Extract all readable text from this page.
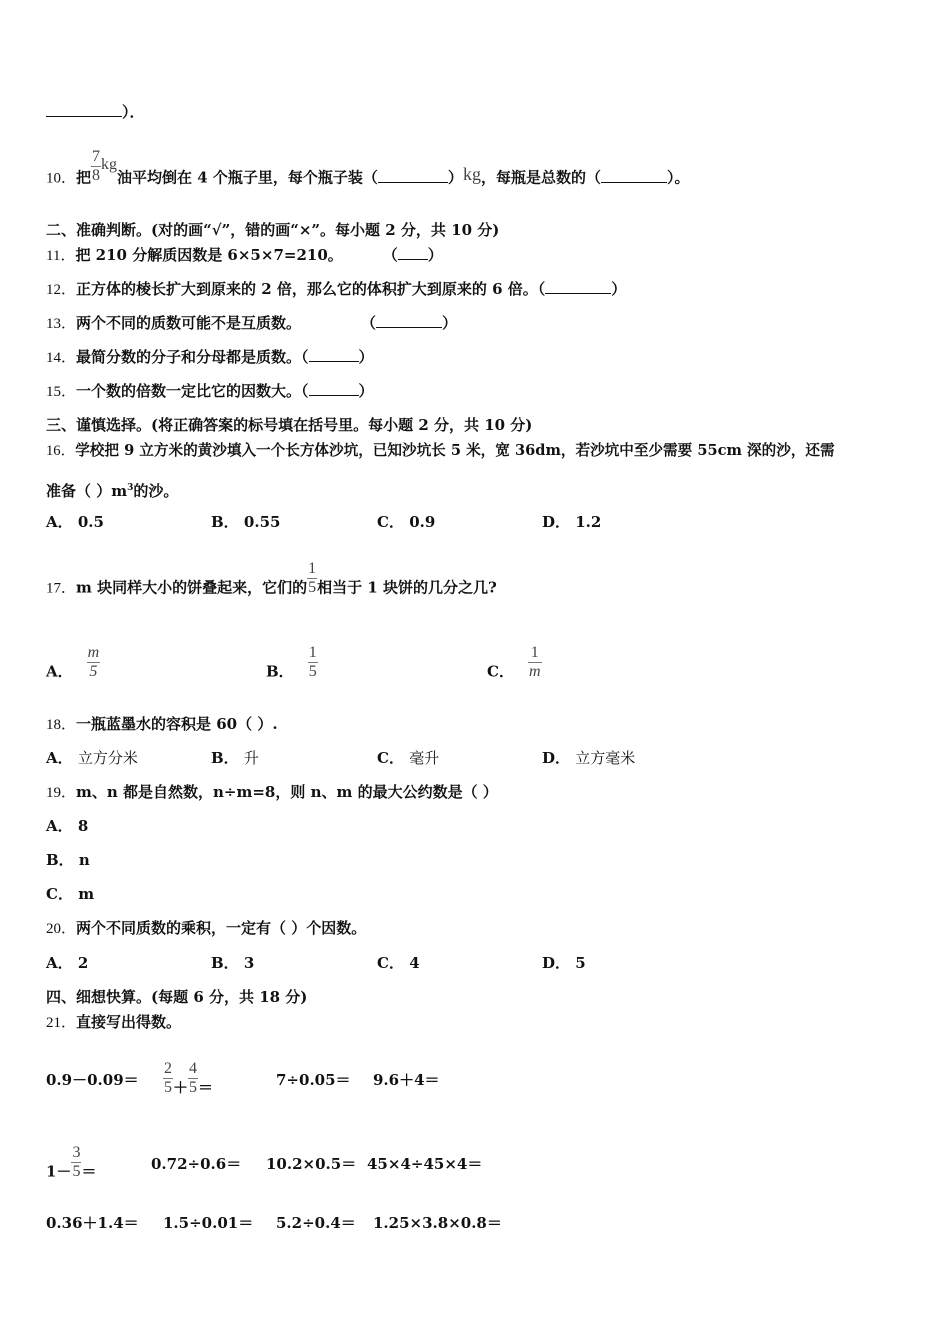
）．
10．把 $\frac{7}{8}$ kg油平均倒在 4 个瓶子里，每个瓶子装（	）kg，每瓶是总数的（	）。
二、准确判断。(对的画“√”，错的画“×”。每小题 2 分，共 10 分)
11．把 210 分解质因数是 6×5×7=210。	（ ）
12．正方体的棱长扩大到原来的 2 倍，那么它的体积扩大到原来的 6 倍。（	）
13．两个不同的质数可能不是互质数。	（	）
14．最简分数的分子和分母都是质数。（	）
15．一个数的倍数一定比它的因数大。（	）
三、谨慎选择。(将正确答案的标号填在括号里。每小题 2 分，共 10 分)
16．学校把 9 立方米的黄沙填入一个长方体沙坑，已知沙坑长 5 米，宽 36dm，若沙坑中至少需要 55cm 深的沙，还需
准备（ ）$m^3$的沙。
A． 0.5	B． 0.55	C． 0.9	D． 1.2
17．m 块同样大小的饼叠起来，它们的 $\frac{1}{5}$ 相当于 1 块饼的几分之几?
A． $\frac{m}{5}$	B． $\frac{1}{5}$	C． $\frac{1}{m}$
18．一瓶蓝墨水的容积是 60（ ）.
A． 立方分米	B． 升	C． 毫升	D． 立方毫米
19．m、n 都是自然数，n÷m=8，则 n、m 的最大公约数是（ ）
A． 8
B． n
C． m
20．两个不同质数的乘积，一定有（ ）个因数。
A． 2	B． 3	C． 4	D． 5
四、细想快算。(每题 6 分，共 18 分)
21．直接写出得数。
$0.9-0.09= \frac{2}{5} + \frac{4}{5}$ ＝	7÷0.05＝ 9.6＋4＝
$1- \frac{3}{5}$ ＝	0.72÷0.6＝ 10.2×0.5＝ 45×4÷45×4＝
0.36＋1.4＝ 1.5÷0.01＝ 5.2÷0.4＝ 1.25×3.8×0.8＝
